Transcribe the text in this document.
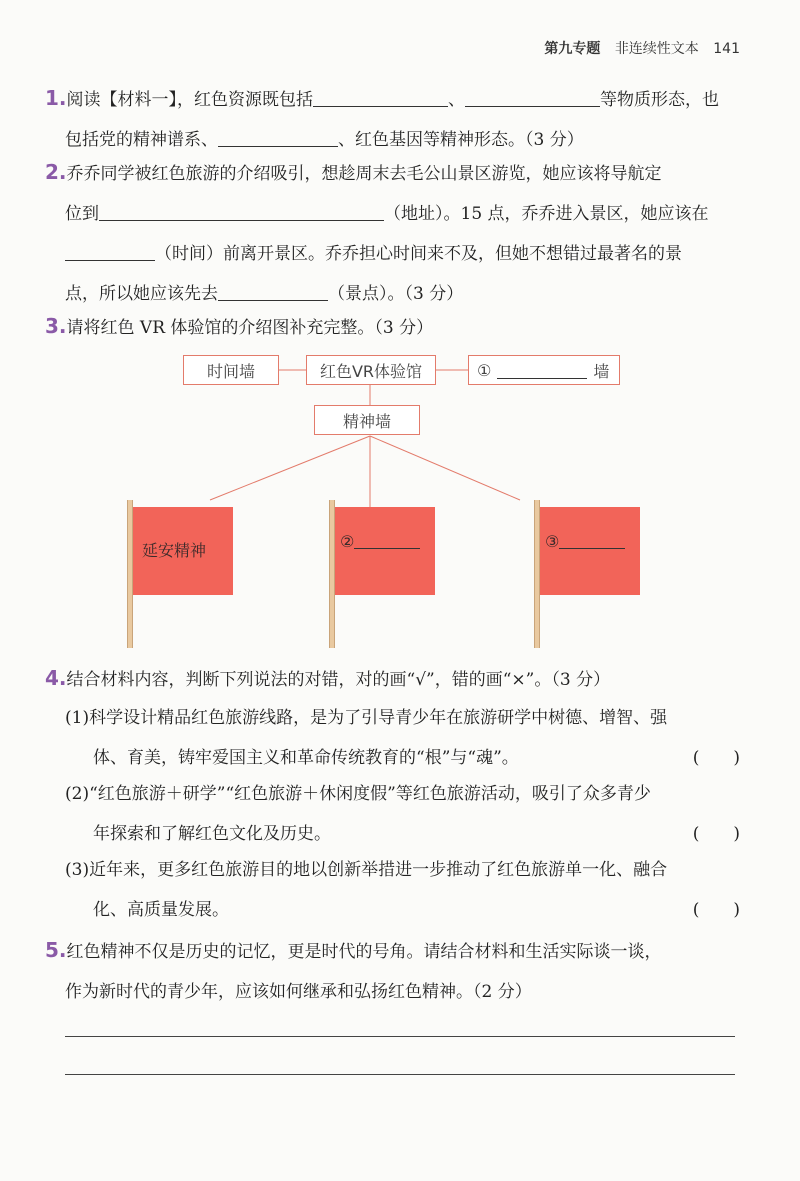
第九专题 非连续性文本 141
1.阅读【材料一】，红色资源既包括	、	等物质形态，也
包括党的精神谱系、	、红色基因等精神形态。（3 分）
2.乔乔同学被红色旅游的介绍吸引，想趁周末去毛公山景区游览，她应该将导航定
位到	（地址）。15 点，乔乔进入景区，她应该在
（时间）前离开景区。乔乔担心时间来不及，但她不想错过最著名的景
点，所以她应该先去	（景点）。（3 分）
3.请将红色 VR 体验馆的介绍图补充完整。（3 分）
时间墙	红色VR体验馆	①	墙
精神墙
延安精神	②	③
4.结合材料内容，判断下列说法的对错，对的画“√”，错的画“×”。（3 分）
(1)科学设计精品红色旅游线路，是为了引导青少年在旅游研学中树德、增智、强
体、育美，铸牢爱国主义和革命传统教育的“根”与“魂”。	(　　)
(2)“红色旅游＋研学”“红色旅游＋休闲度假”等红色旅游活动，吸引了众多青少
年探索和了解红色文化及历史。	(　　)
(3)近年来，更多红色旅游目的地以创新举措进一步推动了红色旅游单一化、融合
化、高质量发展。	(　　)
5.红色精神不仅是历史的记忆，更是时代的号角。请结合材料和生活实际谈一谈，
作为新时代的青少年，应该如何继承和弘扬红色精神。（2 分）
